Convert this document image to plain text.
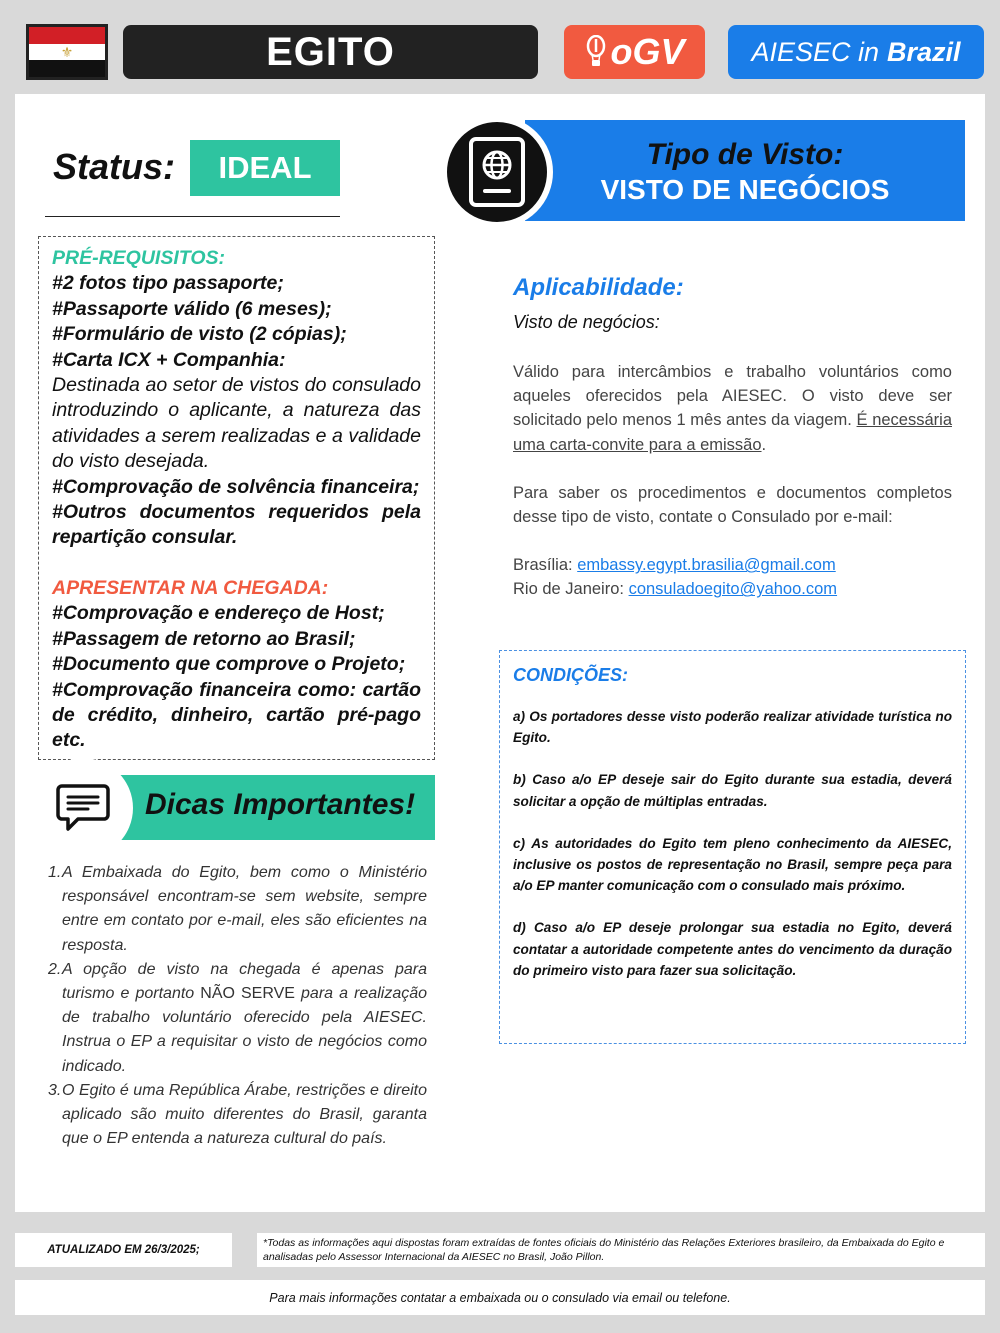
⚜	EGITO	oGV AIESEC in Brazil
Status:	IDEAL
PRÉ-REQUISITOS:
#2 fotos tipo passaporte;
#Passaporte válido (6 meses);
#Formulário de visto (2 cópias);
#Carta ICX + Companhia:
Destinada ao setor de vistos do consulado introduzindo o aplicante, a natureza das atividades a serem realizadas e a validade do visto desejada.
#Comprovação de solvência financeira;
#Outros documentos requeridos pela repartição consular.
APRESENTAR NA CHEGADA:
#Comprovação e endereço de Host;
#Passagem de retorno ao Brasil;
#Documento que comprove o Projeto;
#Comprovação financeira como: cartão de crédito, dinheiro, cartão pré-pago etc.
Tipo de Visto:
VISTO DE NEGÓCIOS
Aplicabilidade:
Visto de negócios:

Válido para intercâmbios e trabalho voluntários como aqueles oferecidos pela AIESEC. O visto deve ser solicitado pelo menos 1 mês antes da viagem. É necessária uma carta-convite para a emissão.

Para saber os procedimentos e documentos completos desse tipo de visto, contate o Consulado por e-mail:

Brasília: embassy.egypt.brasilia@gmail.com
Rio de Janeiro: consuladoegito@yahoo.com

CONDIÇÕES:

a) Os portadores desse visto poderão realizar atividade turística no Egito.

b) Caso a/o EP deseje sair do Egito durante sua estadia, deverá solicitar a opção de múltiplas entradas.

c) As autoridades do Egito tem pleno conhecimento da AIESEC, inclusive os postos de representação no Brasil, sempre peça para a/o EP manter comunicação com o consulado mais próximo.

d) Caso a/o EP deseje prolongar sua estadia no Egito, deverá contatar a autoridade competente antes do vencimento da duração do primeiro visto para fazer sua solicitação.

Dicas Importantes!
1. A Embaixada do Egito, bem como o Ministério responsável encontram-se sem website, sempre entre em contato por e-mail, eles são eficientes na resposta.
2. A opção de visto na chegada é apenas para turismo e portanto NÃO SERVE para a realização de trabalho voluntário oferecido pela AIESEC. Instrua o EP a requisitar o visto de negócios como indicado.
3. O Egito é uma República Árabe, restrições e direito aplicado são muito diferentes do Brasil, garanta que o EP entenda a natureza cultural do país.
ATUALIZADO EM 26/3/2025;
*Todas as informações aqui dispostas foram extraídas de fontes oficiais do Ministério das Relações Exteriores brasileiro, da Embaixada do Egito e analisadas pelo Assessor Internacional da AIESEC no Brasil, João Pillon.
Para mais informações contatar a embaixada ou o consulado via email ou telefone.
